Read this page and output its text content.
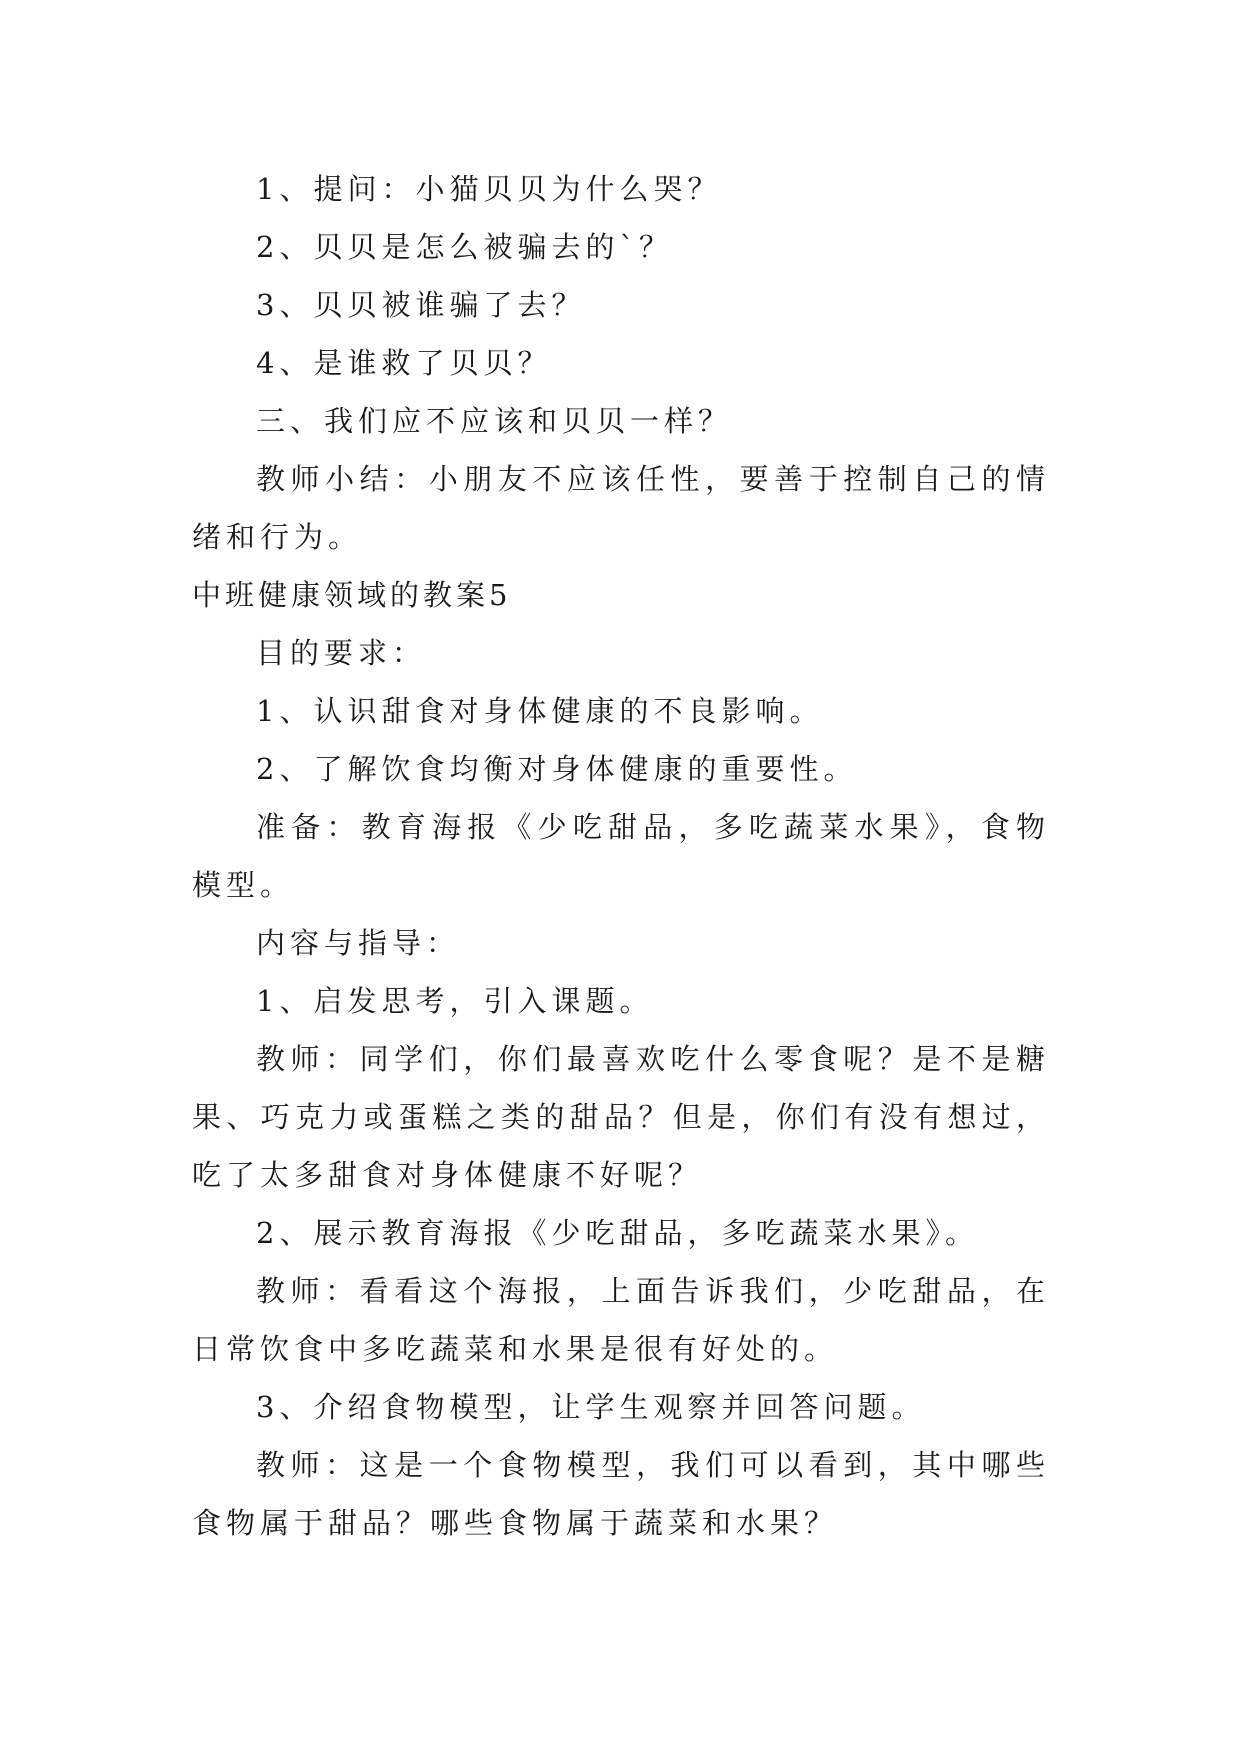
1、提问：小猫贝贝为什么哭？

2、贝贝是怎么被骗去的`？

3、贝贝被谁骗了去？

4、是谁救了贝贝？

三、我们应不应该和贝贝一样？

教师小结：小朋友不应该任性，要善于控制自己的情绪和行为。

中班健康领域的教案5

目的要求：

1、认识甜食对身体健康的不良影响。

2、了解饮食均衡对身体健康的重要性。

准备：教育海报《少吃甜品，多吃蔬菜水果》，食物模型。

内容与指导：

1、启发思考，引入课题。

教师：同学们，你们最喜欢吃什么零食呢？是不是糖果、巧克力或蛋糕之类的甜品？但是，你们有没有想过，吃了太多甜食对身体健康不好呢？

2、展示教育海报《少吃甜品，多吃蔬菜水果》。

教师：看看这个海报，上面告诉我们，少吃甜品，在日常饮食中多吃蔬菜和水果是很有好处的。

3、介绍食物模型，让学生观察并回答问题。

教师：这是一个食物模型，我们可以看到，其中哪些食物属于甜品？哪些食物属于蔬菜和水果？
